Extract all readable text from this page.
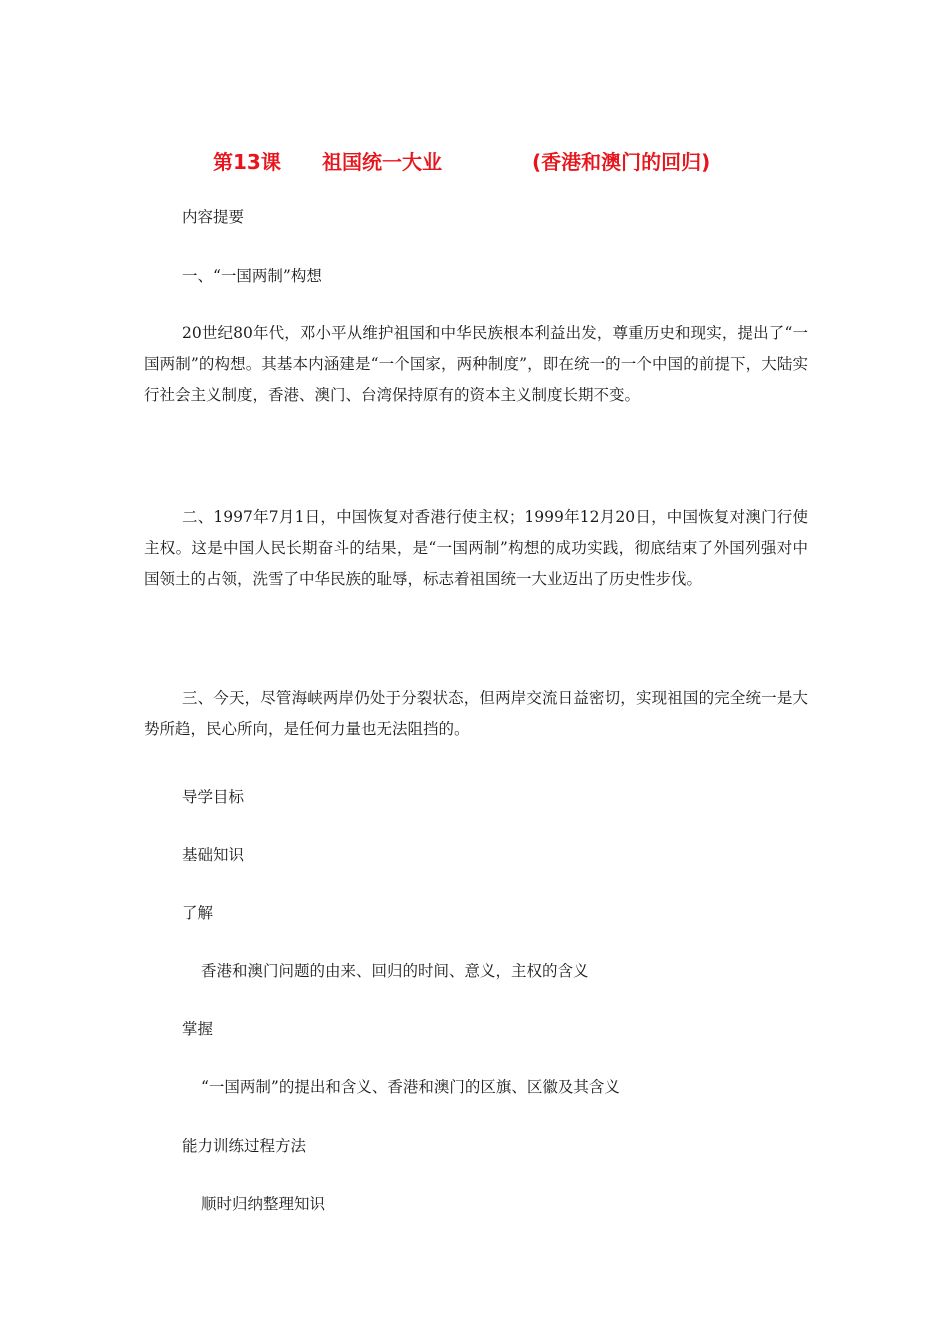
第13课 祖国统一大业	(香港和澳门的回归)
内容提要
一、“一国两制”构想

20世纪80年代，邓小平从维护祖国和中华民族根本利益出发，尊重历史和现实，提出了“一国两制”的构想。其基本内涵建是“一个国家，两种制度”，即在统一的一个中国的前提下，大陆实行社会主义制度，香港、澳门、台湾保持原有的资本主义制度长期不变。

二、1997年7月1日，中国恢复对香港行使主权；1999年12月20日，中国恢复对澳门行使主权。这是中国人民长期奋斗的结果，是“一国两制”构想的成功实践，彻底结束了外国列强对中国领土的占领，洗雪了中华民族的耻辱，标志着祖国统一大业迈出了历史性步伐。

三、今天，尽管海峡两岸仍处于分裂状态，但两岸交流日益密切，实现祖国的完全统一是大势所趋，民心所向，是任何力量也无法阻挡的。

导学目标
基础知识
了解
香港和澳门问题的由来、回归的时间、意义，主权的含义
掌握
“一国两制”的提出和含义、香港和澳门的区旗、区徽及其含义
能力训练过程方法
顺时归纳整理知识
